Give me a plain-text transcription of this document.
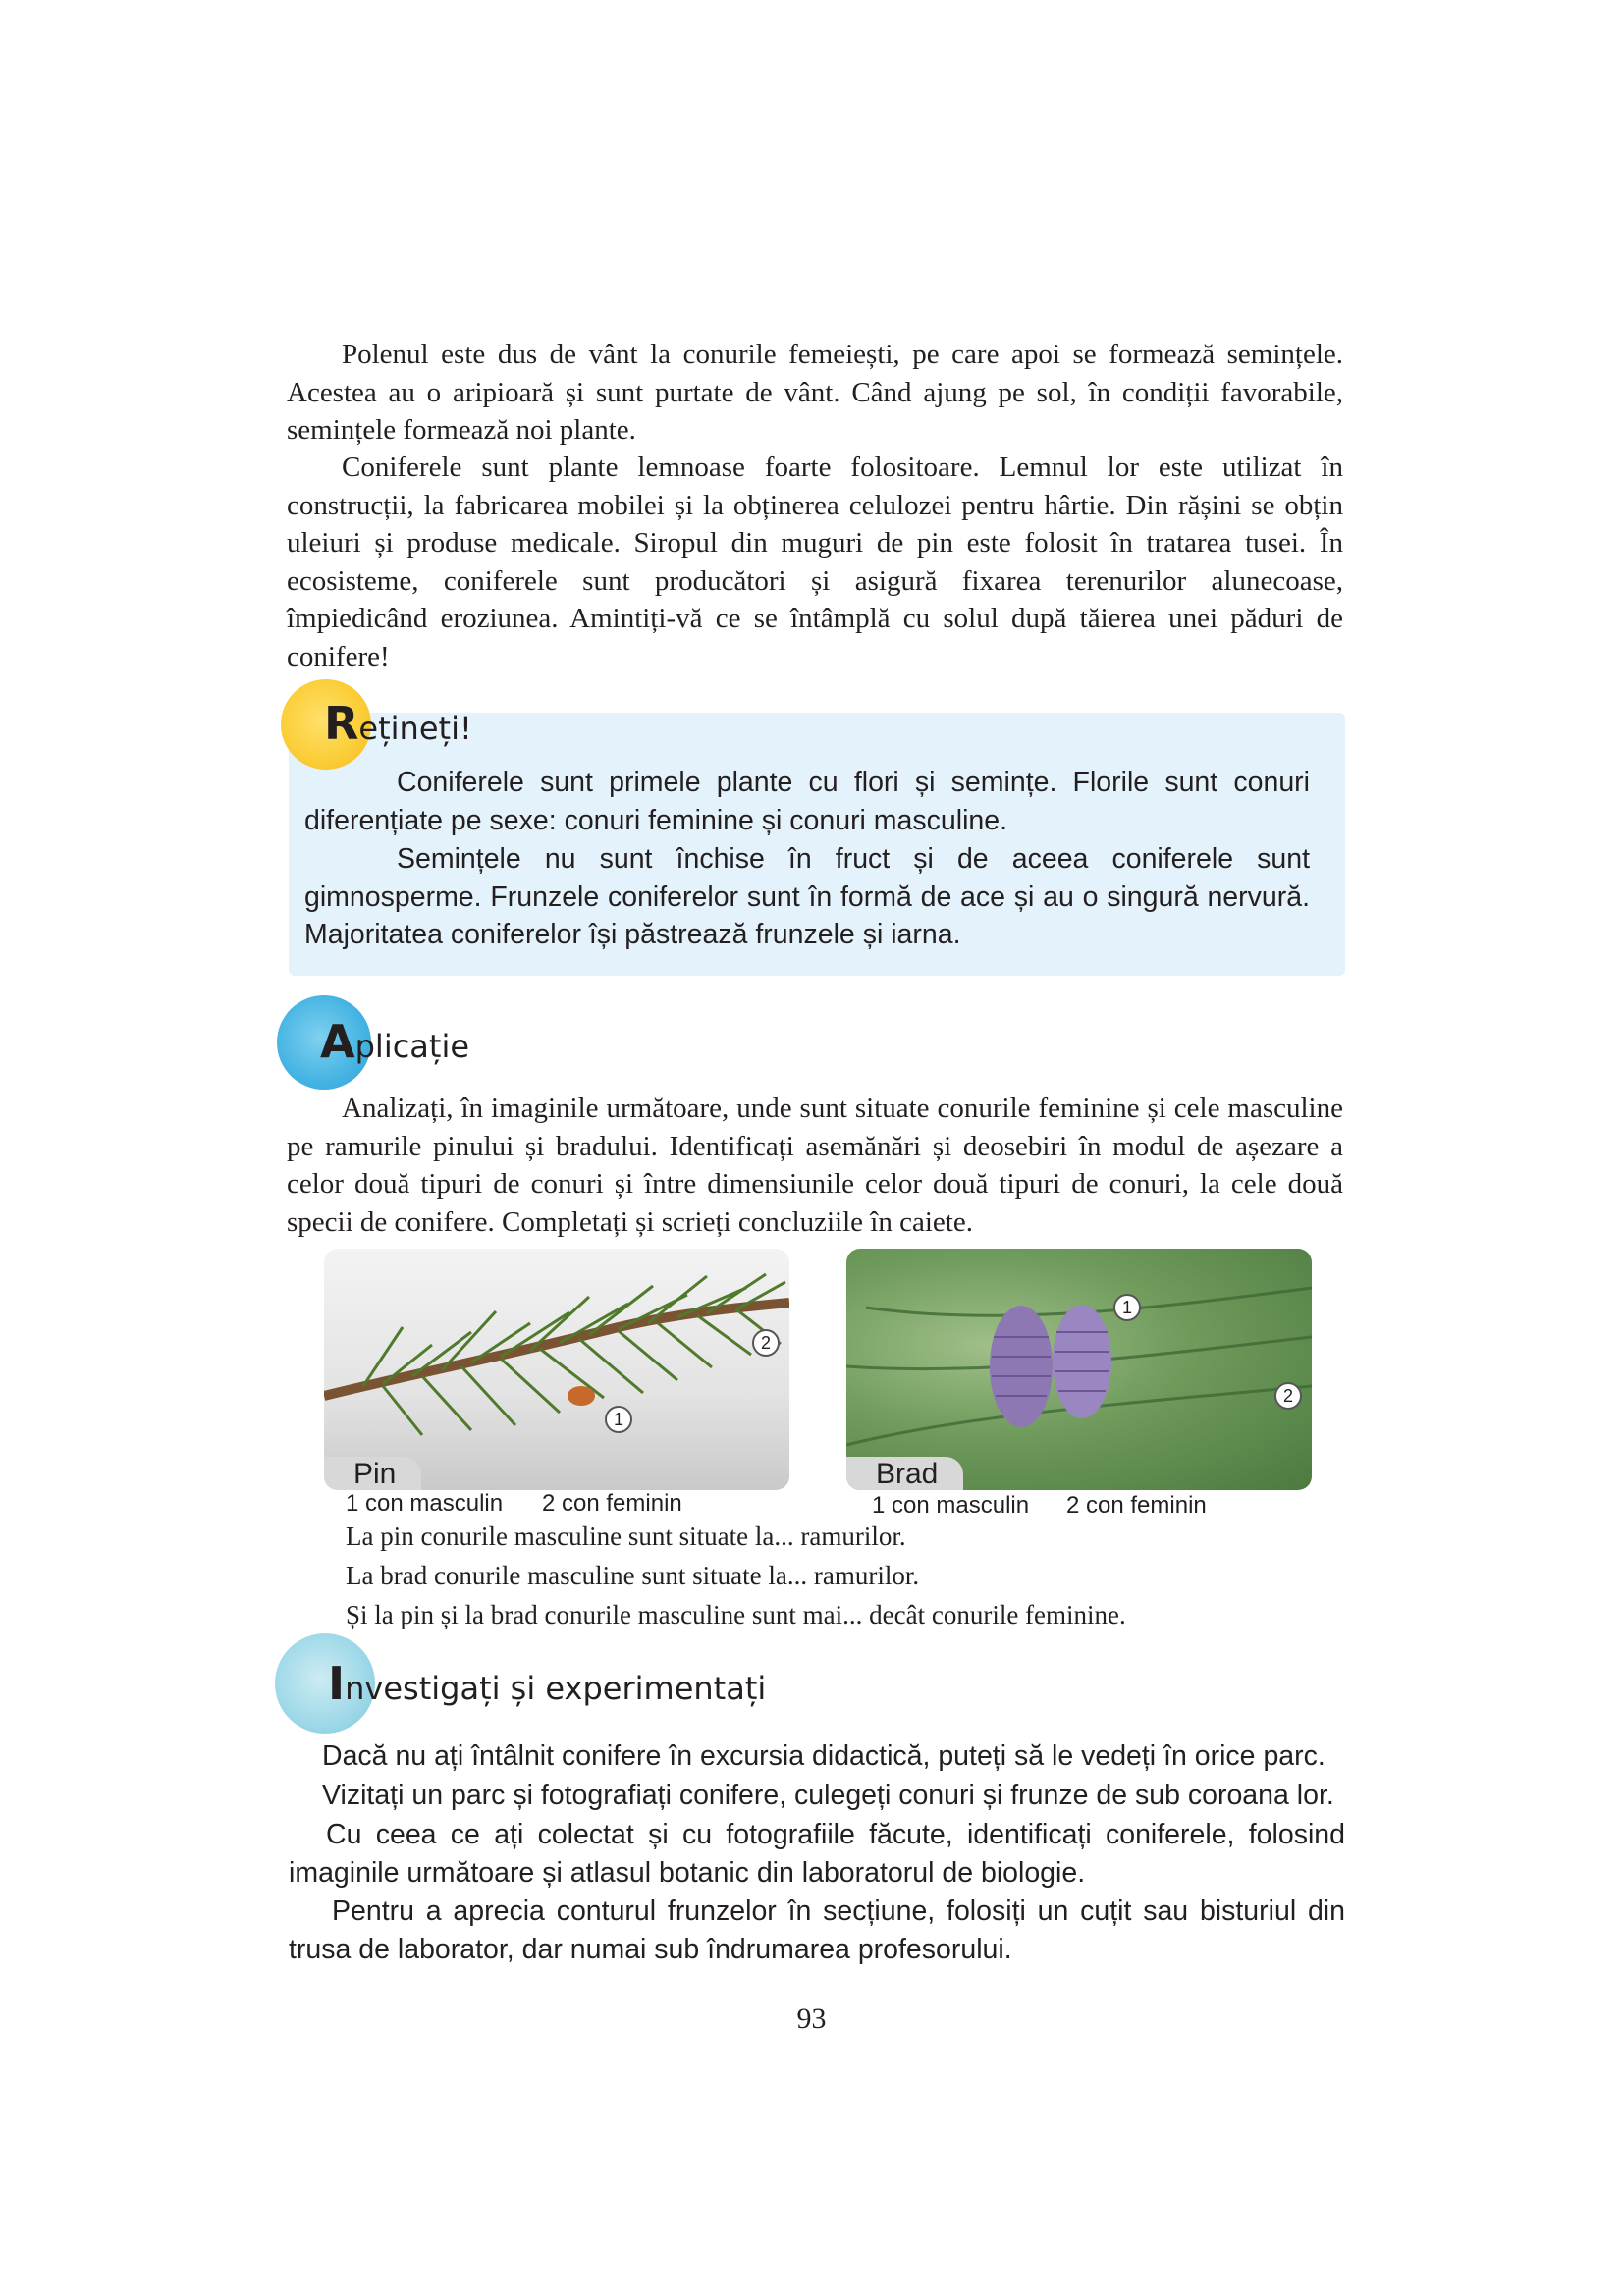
Polenul este dus de vânt la conurile femeiești, pe care apoi se formează semințele. Acestea au o aripioară și sunt purtate de vânt. Când ajung pe sol, în condiții favorabile, semințele formează noi plante.

Coniferele sunt plante lemnoase foarte folositoare. Lemnul lor este utilizat în construcții, la fabricarea mobilei și la obținerea celulozei pentru hârtie. Din rășini se obțin uleiuri și produse medicale. Siropul din muguri de pin este folosit în tratarea tusei. În ecosisteme, coniferele sunt producători și asigură fixarea terenurilor alunecoase, împiedicând eroziunea. Amintiți-vă ce se întâmplă cu solul după tăierea unei păduri de conifere!

Rețineți!

Coniferele sunt primele plante cu flori și semințe. Florile sunt conuri diferențiate pe sexe: conuri feminine și conuri masculine.

Semințele nu sunt închise în fruct și de aceea coniferele sunt gimnosperme. Frunzele coniferelor sunt în formă de ace și au o singură nervură. Majoritatea coniferelor își păstrează frunzele și iarna.

Aplicație

Analizați, în imaginile următoare, unde sunt situate conurile feminine și cele masculine pe ramurile pinului și bradului. Identificați asemănări și deosebiri în modul de așezare a celor două tipuri de conuri și între dimensiunile celor două tipuri de conuri, la cele două specii de conifere. Completați și scrieți concluziile în caiete.

1
2
Pin
1 con masculin 2 con feminin
1
2
Brad
1 con masculin 2 con feminin
La pin conurile masculine sunt situate la... ramurilor.
La brad conurile masculine sunt situate la... ramurilor.
Și la pin și la brad conurile masculine sunt mai... decât conurile feminine.
Investigați și experimentați
Dacă nu ați întâlnit conifere în excursia didactică, puteți să le vedeți în orice parc.
Vizitați un parc și fotografiați conifere, culegeți conuri și frunze de sub coroana lor.

Cu ceea ce ați colectat și cu fotografiile făcute, identificați coniferele, folosind imaginile următoare și atlasul botanic din laboratorul de biologie.

Pentru a aprecia conturul frunzelor în secțiune, folosiți un cuțit sau bisturiul din trusa de laborator, dar numai sub îndrumarea profesorului.

93
